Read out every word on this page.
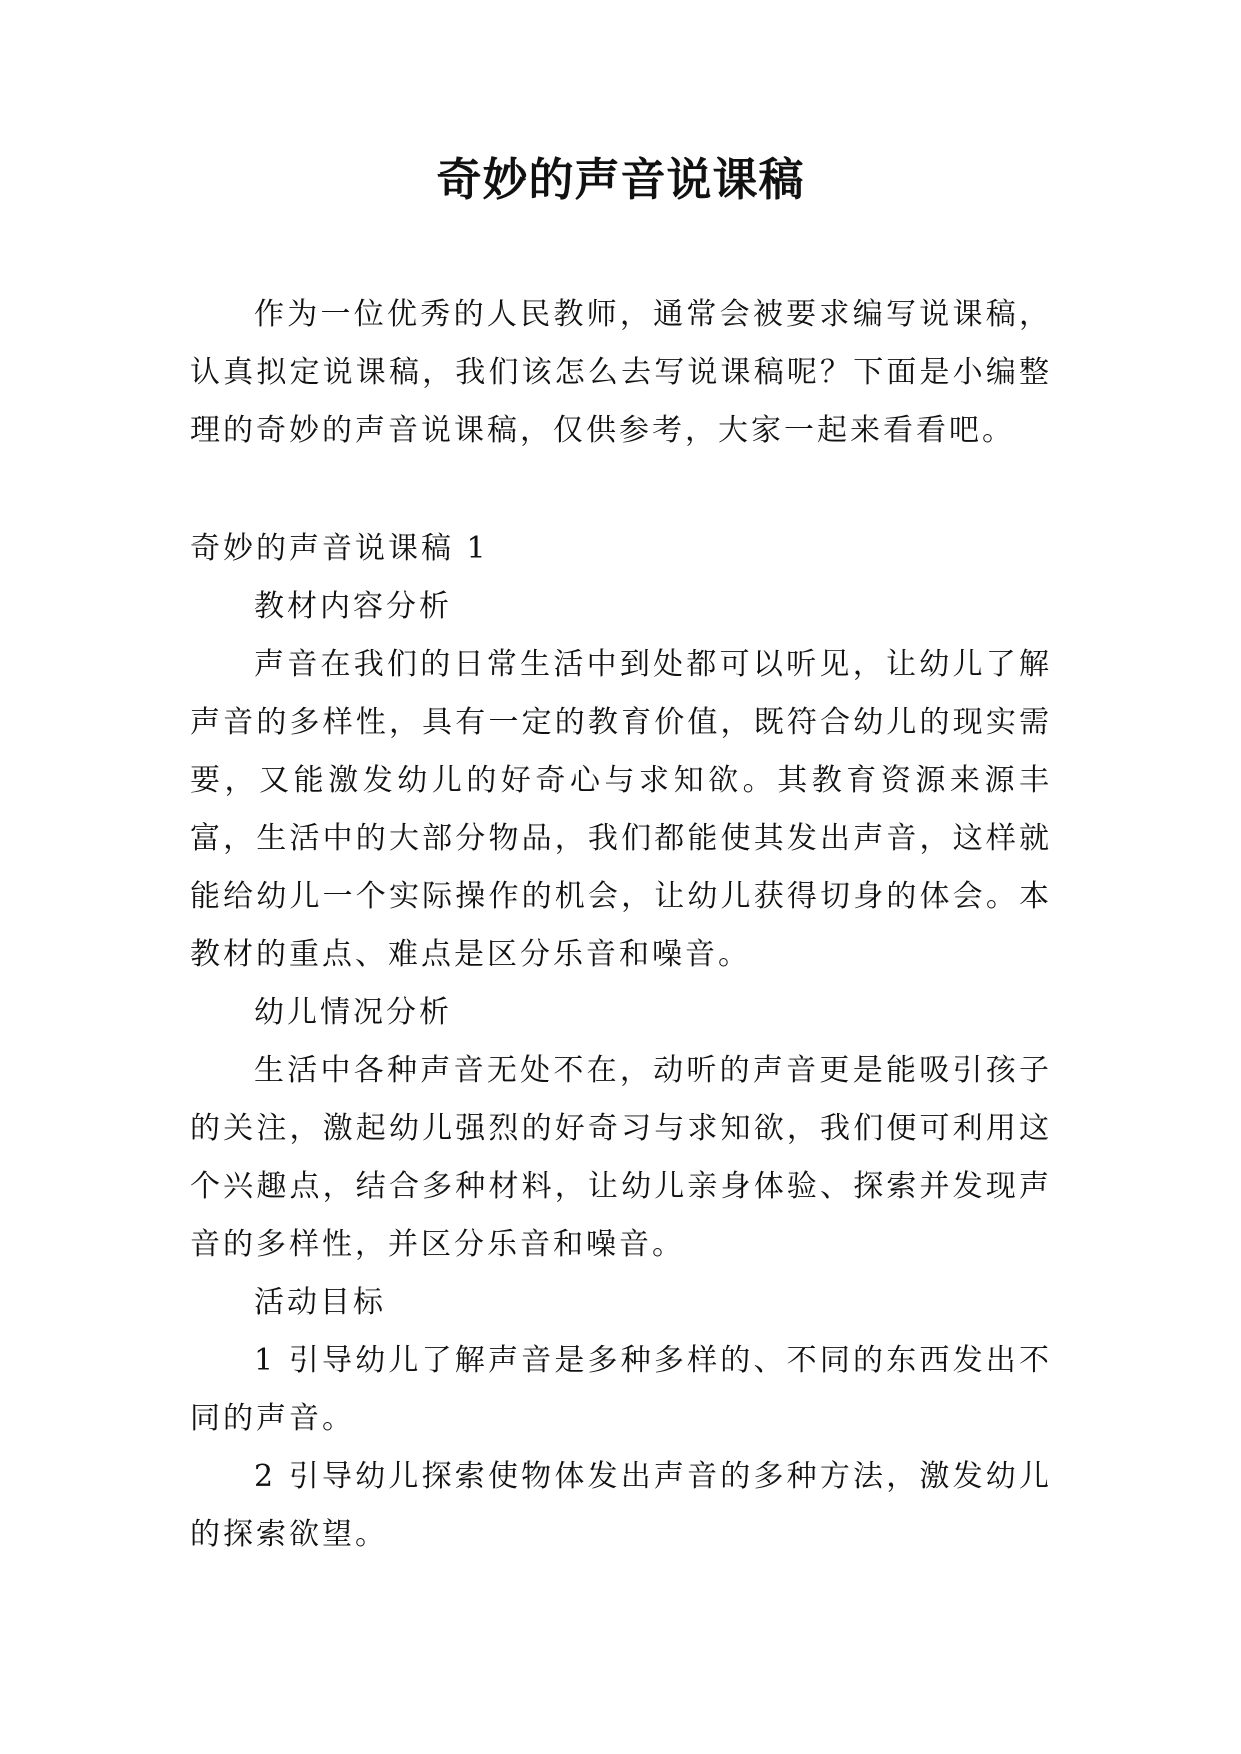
奇妙的声音说课稿

作为一位优秀的人民教师，通常会被要求编写说课稿，认真拟定说课稿，我们该怎么去写说课稿呢？下面是小编整理的奇妙的声音说课稿，仅供参考，大家一起来看看吧。

奇妙的声音说课稿 1

教材内容分析

声音在我们的日常生活中到处都可以听见，让幼儿了解声音的多样性，具有一定的教育价值，既符合幼儿的现实需要，又能激发幼儿的好奇心与求知欲。其教育资源来源丰富，生活中的大部分物品，我们都能使其发出声音，这样就能给幼儿一个实际操作的机会，让幼儿获得切身的体会。本教材的重点、难点是区分乐音和噪音。

幼儿情况分析

生活中各种声音无处不在，动听的声音更是能吸引孩子的关注，激起幼儿强烈的好奇习与求知欲，我们便可利用这个兴趣点，结合多种材料，让幼儿亲身体验、探索并发现声音的多样性，并区分乐音和噪音。

活动目标

1 引导幼儿了解声音是多种多样的、不同的东西发出不同的声音。

2 引导幼儿探索使物体发出声音的多种方法，激发幼儿的探索欲望。
